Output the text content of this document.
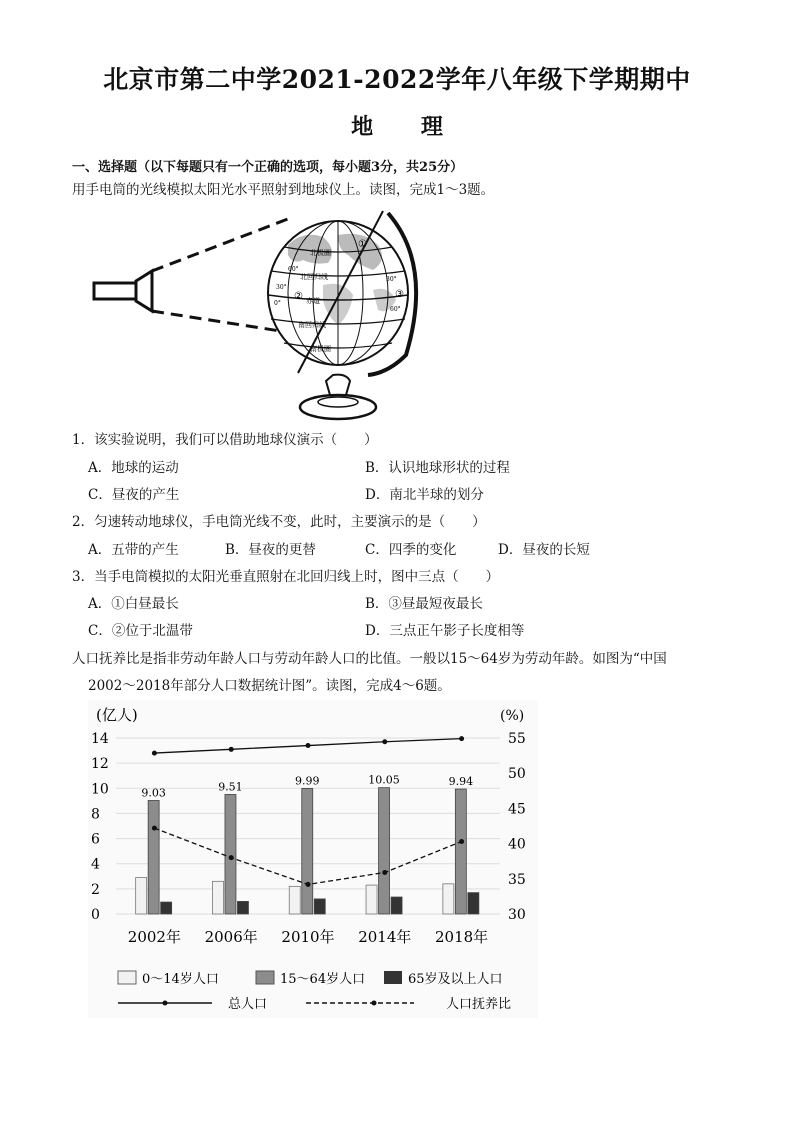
北京市第二中学2021-2022学年八年级下学期期中
地 理
一、选择题（以下每题只有一个正确的选项，每小题3分，共25分）
用手电筒的光线模拟太阳光水平照射到地球仪上。读图，完成1～3题。
北极圈
北回归线
赤道
南回归线
南极圈
①
②	③
60°
30°
0°
30°
60°
1．该实验说明，我们可以借助地球仪演示（　　）
A．地球的运动	B．认识地球形状的过程
C．昼夜的产生	D．南北半球的划分
2．匀速转动地球仪，手电筒光线不变，此时，主要演示的是（　　）
A．五带的产生	B．昼夜的更替	C．四季的变化	D．昼夜的长短
3．当手电筒模拟的太阳光垂直照射在北回归线上时，图中三点（　　）
A．①白昼最长	B．③昼最短夜最长
C．②位于北温带	D．三点正午影子长度相等
人口抚养比是指非劳动年龄人口与劳动年龄人口的比值。一般以15～64岁为劳动年龄。如图为“中国
2002～2018年部分人口数据统计图”。读图，完成4～6题。
(亿人)	(%)
0
2
4
6
8
10
12
14
30
35
40
45
50
55
9.03	9.51	9.99	10.05	9.94
2002年 2006年 2010年 2014年 2018年
0～14岁人口	15～64岁人口	65岁及以上人口
总人口	人口抚养比
